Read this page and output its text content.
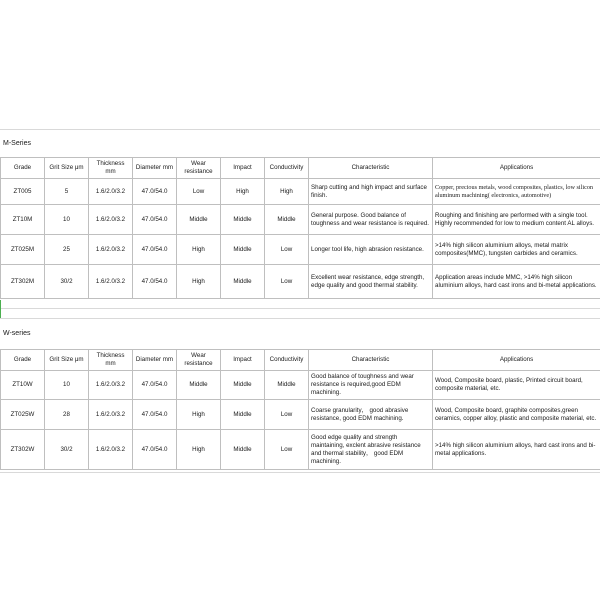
M-Series
Grade	Grit Size μm	Thickness mm	Diameter mm	Wear resistance	Impact	Conductivity	Characteristic	Applications
ZT005	5	1.6/2.0/3.2	47.0/54.0	Low	High	High	Sharp cutting and high impact and surface finish.	Copper, precious metals, wood composites, plastics, low silicon aluminum machining( electronics, automotive)
ZT10M	10	1.6/2.0/3.2	47.0/54.0	Middle	Middle	Middle	General purpose. Good balance of toughness and wear resistance is required.	Roughing and finishing are performed with a single tool. Highly recommended for low to medium content AL alloys.
ZT025M	25	1.6/2.0/3.2	47.0/54.0	High	Middle	Low	Longer tool life, high abrasion resistance.	>14% high silicon aluminium alloys, metal matrix composites(MMC), tungsten carbides and ceramics.
ZT302M	30/2	1.6/2.0/3.2	47.0/54.0	High	Middle	Low	Excellent wear resistance, edge strength, edge quality and good thermal stability.	Application areas include MMC, >14% high silicon aluminium alloys, hard cast irons and bi-metal applications.
W-series
Grade	Grit Size μm	Thickness mm	Diameter mm	Wear resistance	Impact	Conductivity	Characteristic	Applications
ZT10W	10	1.6/2.0/3.2	47.0/54.0	Middle	Middle	Middle	Good balance of toughness and wear resistance is required,good EDM machining.	Wood, Composite board, plastic, Printed circuit board, composite material, etc.
ZT025W	28	1.6/2.0/3.2	47.0/54.0	High	Middle	Low	Coarse granularity， good abrasive resistance, good EDM machining.	Wood, Composite board, graphite composites,green ceramics, copper alloy, plastic and composite material, etc.
ZT302W	30/2	1.6/2.0/3.2	47.0/54.0	High	Middle	Low	Good edge quality and strength maintaining, exclent abrasive resistance and thermal stability， good EDM machining.	>14% high silicon aluminium alloys, hard cast irons and bi-metal applications.
